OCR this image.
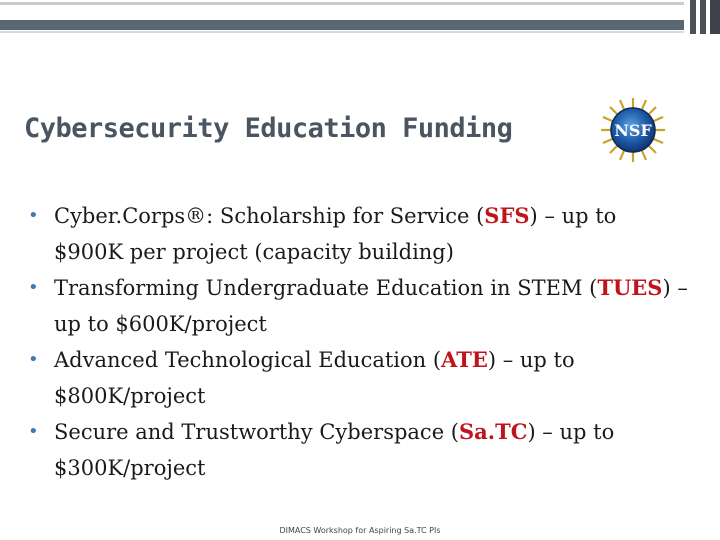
Cybersecurity Education Funding	NSF
• Cyber.Corps®: Scholarship for Service (SFS) – up to $900K per project (capacity building)
• Transforming Undergraduate Education in STEM (TUES) – up to $600K/project
• Advanced Technological Education (ATE) – up to $800K/project
• Secure and Trustworthy Cyberspace (Sa.TC) – up to $300K/project
DIMACS Workshop for Aspiring Sa.TC PIs
